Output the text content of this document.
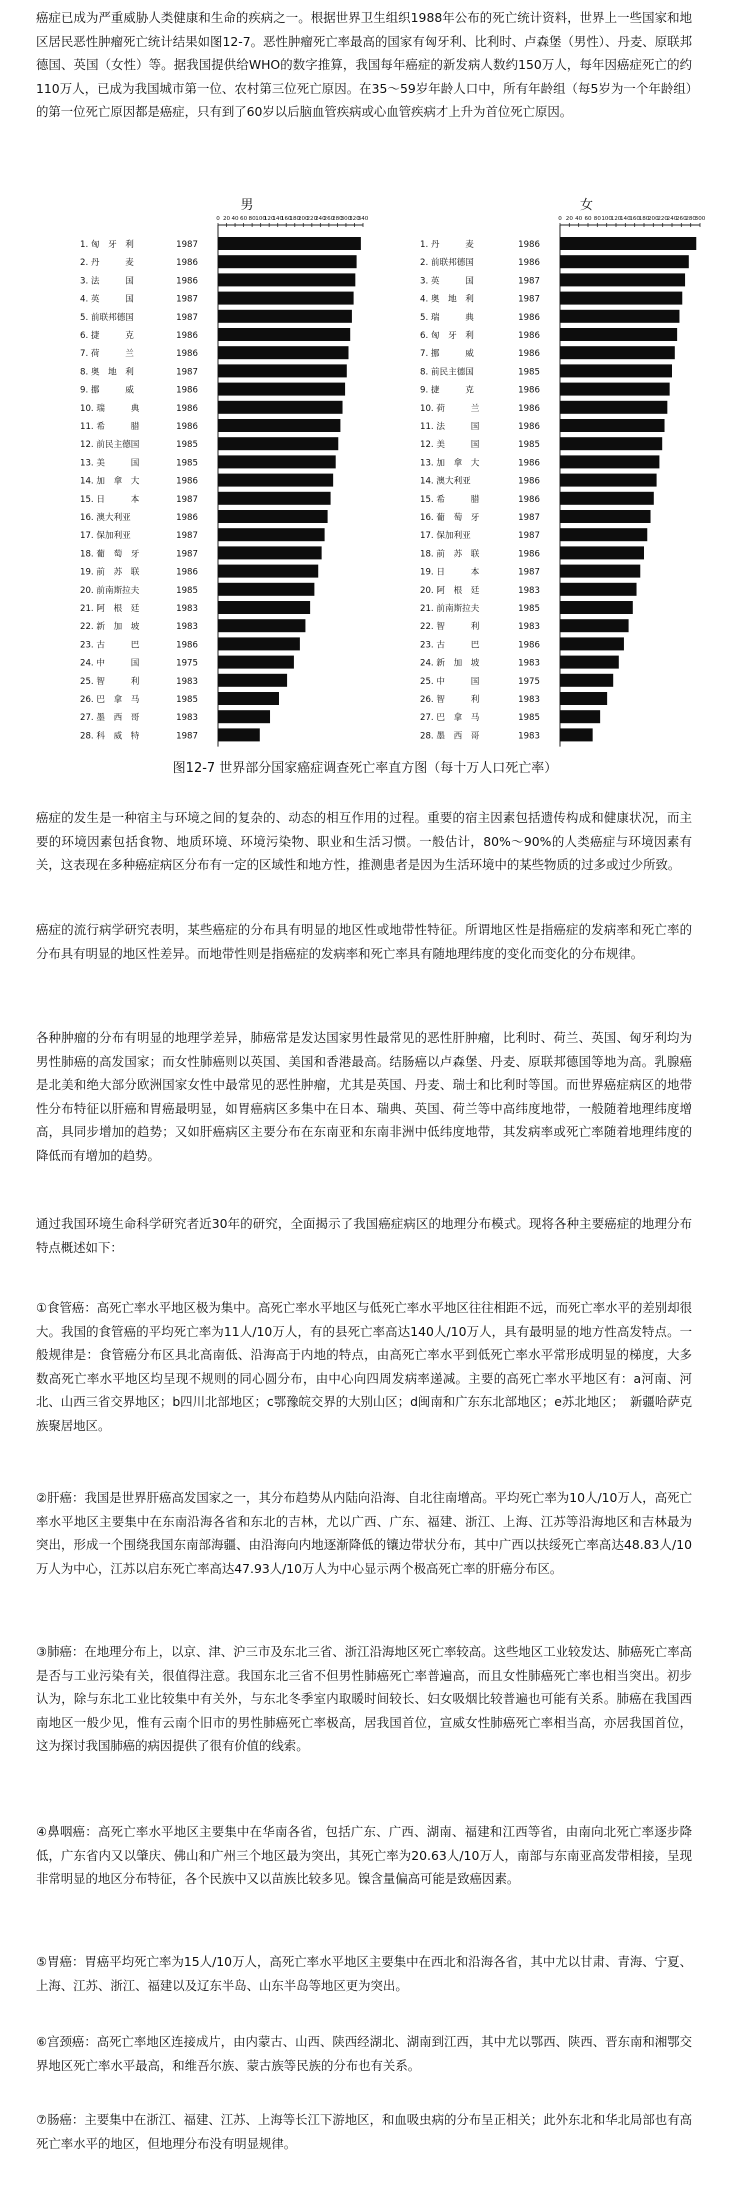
癌症已成为严重威胁人类健康和生命的疾病之一。根据世界卫生组织1988年公布的死亡统计资料，世界上一些国家和地区居民恶性肿瘤死亡统计结果如图12-7。恶性肿瘤死亡率最高的国家有匈牙利、比利时、卢森堡（男性）、丹麦、原联邦德国、英国（女性）等。据我国提供给WHO的数字推算，我国每年癌症的新发病人数约150万人，每年因癌症死亡的约110万人，已成为我国城市第一位、农村第三位死亡原因。在35～59岁年龄人口中，所有年龄组（每5岁为一个年龄组）的第一位死亡原因都是癌症，只有到了60岁以后脑血管疾病或心血管疾病才上升为首位死亡原因。

男
0 20 40 60 80 100
120
140
160
180
200
220
240
260
280
300
320
340
1. 匈　牙　利	1987
2. 丹　　　麦	1986
3. 法　　　国	1986
4. 英　　　国	1987
5. 前联邦德国	1987
6. 捷　　　克	1986
7. 荷　　　兰	1986
8. 奥　地　利	1987
9. 挪　　　威	1986
10. 瑞　　　典	1986
11. 希　　　腊	1986
12. 前民主德国	1985
13. 美　　　国	1985
14. 加　拿　大	1986
15. 日　　　本	1987
16. 澳大利亚	1986
17. 保加利亚	1987
18. 葡　萄　牙	1987
19. 前　苏　联	1986
20. 前南斯拉夫	1985
21. 阿　根　廷	1983
22. 新　加　坡	1983
23. 古　　　巴	1986
24. 中　　　国	1975
25. 智　　　利	1983
26. 巴　拿　马	1985
27. 墨　西　哥	1983
28. 科　威　特	1987
女
0 20 40 60 80 100
120
140
160
180
200
220
240
260
280
300
1. 丹　　　麦	1986
2. 前联邦德国	1986
3. 英　　　国	1987
4. 奥　地　利	1987
5. 瑞　　　典	1986
6. 匈　牙　利	1986
7. 挪　　　威	1986
8. 前民主德国	1985
9. 捷　　　克	1986
10. 荷　　　兰	1986
11. 法　　　国	1986
12. 美　　　国	1985
13. 加　拿　大	1986
14. 澳大利亚	1986
15. 希　　　腊	1986
16. 葡　萄　牙	1987
17. 保加利亚	1987
18. 前　苏　联	1986
19. 日　　　本	1987
20. 阿　根　廷	1983
21. 前南斯拉夫	1985
22. 智　　　利	1983
23. 古　　　巴	1986
24. 新　加　坡	1983
25. 中　　　国	1975
26. 智　　　利	1983
27. 巴　拿　马	1985
28. 墨　西　哥	1983
图12-7 世界部分国家癌症调查死亡率直方图（每十万人口死亡率）

癌症的发生是一种宿主与环境之间的复杂的、动态的相互作用的过程。重要的宿主因素包括遗传构成和健康状况，而主要的环境因素包括食物、地质环境、环境污染物、职业和生活习惯。一般估计，80%～90%的人类癌症与环境因素有关，这表现在多种癌症病区分布有一定的区域性和地方性，推测患者是因为生活环境中的某些物质的过多或过少所致。

癌症的流行病学研究表明，某些癌症的分布具有明显的地区性或地带性特征。所谓地区性是指癌症的发病率和死亡率的分布具有明显的地区性差异。而地带性则是指癌症的发病率和死亡率具有随地理纬度的变化而变化的分布规律。

各种肿瘤的分布有明显的地理学差异，肺癌常是发达国家男性最常见的恶性肝肿瘤，比利时、荷兰、英国、匈牙利均为男性肺癌的高发国家；而女性肺癌则以英国、美国和香港最高。结肠癌以卢森堡、丹麦、原联邦德国等地为高。乳腺癌是北美和绝大部分欧洲国家女性中最常见的恶性肿瘤，尤其是英国、丹麦、瑞士和比利时等国。而世界癌症病区的地带性分布特征以肝癌和胃癌最明显，如胃癌病区多集中在日本、瑞典、英国、荷兰等中高纬度地带，一般随着地理纬度增高，具同步增加的趋势；又如肝癌病区主要分布在东南亚和东南非洲中低纬度地带，其发病率或死亡率随着地理纬度的降低而有增加的趋势。

通过我国环境生命科学研究者近30年的研究，全面揭示了我国癌症病区的地理分布模式。现将各种主要癌症的地理分布特点概述如下：

①食管癌：高死亡率水平地区极为集中。高死亡率水平地区与低死亡率水平地区往往相距不远，而死亡率水平的差别却很大。我国的食管癌的平均死亡率为11人/10万人，有的县死亡率高达140人/10万人，具有最明显的地方性高发特点。一般规律是：食管癌分布区具北高南低、沿海高于内地的特点，由高死亡率水平到低死亡率水平常形成明显的梯度，大多数高死亡率水平地区均呈现不规则的同心圆分布，由中心向四周发病率递减。主要的高死亡率水平地区有：a河南、河北、山西三省交界地区；b四川北部地区；c鄂豫皖交界的大别山区；d闽南和广东东北部地区；e苏北地区；　新疆哈萨克族聚居地区。

②肝癌：我国是世界肝癌高发国家之一，其分布趋势从内陆向沿海、自北往南增高。平均死亡率为10人/10万人，高死亡率水平地区主要集中在东南沿海各省和东北的吉林，尤以广西、广东、福建、浙江、上海、江苏等沿海地区和吉林最为突出，形成一个围绕我国东南部海疆、由沿海向内地逐渐降低的镶边带状分布，其中广西以扶绥死亡率高达48.83人/10万人为中心，江苏以启东死亡率高达47.93人/10万人为中心显示两个极高死亡率的肝癌分布区。

③肺癌：在地理分布上，以京、津、沪三市及东北三省、浙江沿海地区死亡率较高。这些地区工业较发达、肺癌死亡率高是否与工业污染有关，很值得注意。我国东北三省不但男性肺癌死亡率普遍高，而且女性肺癌死亡率也相当突出。初步认为，除与东北工业比较集中有关外，与东北冬季室内取暖时间较长、妇女吸烟比较普遍也可能有关系。肺癌在我国西南地区一般少见，惟有云南个旧市的男性肺癌死亡率极高，居我国首位，宣威女性肺癌死亡率相当高，亦居我国首位，这为探讨我国肺癌的病因提供了很有价值的线索。

④鼻咽癌：高死亡率水平地区主要集中在华南各省，包括广东、广西、湖南、福建和江西等省，由南向北死亡率逐步降低，广东省内又以肇庆、佛山和广州三个地区最为突出，其死亡率为20.63人/10万人，南部与东南亚高发带相接，呈现非常明显的地区分布特征，各个民族中又以苗族比较多见。镍含量偏高可能是致癌因素。

⑤胃癌：胃癌平均死亡率为15人/10万人，高死亡率水平地区主要集中在西北和沿海各省，其中尤以甘肃、青海、宁夏、上海、江苏、浙江、福建以及辽东半岛、山东半岛等地区更为突出。

⑥宫颈癌：高死亡率地区连接成片，由内蒙古、山西、陕西经湖北、湖南到江西，其中尤以鄂西、陕西、晋东南和湘鄂交界地区死亡率水平最高，和维吾尔族、蒙古族等民族的分布也有关系。

⑦肠癌：主要集中在浙江、福建、江苏、上海等长江下游地区，和血吸虫病的分布呈正相关；此外东北和华北局部也有高死亡率水平的地区，但地理分布没有明显规律。
